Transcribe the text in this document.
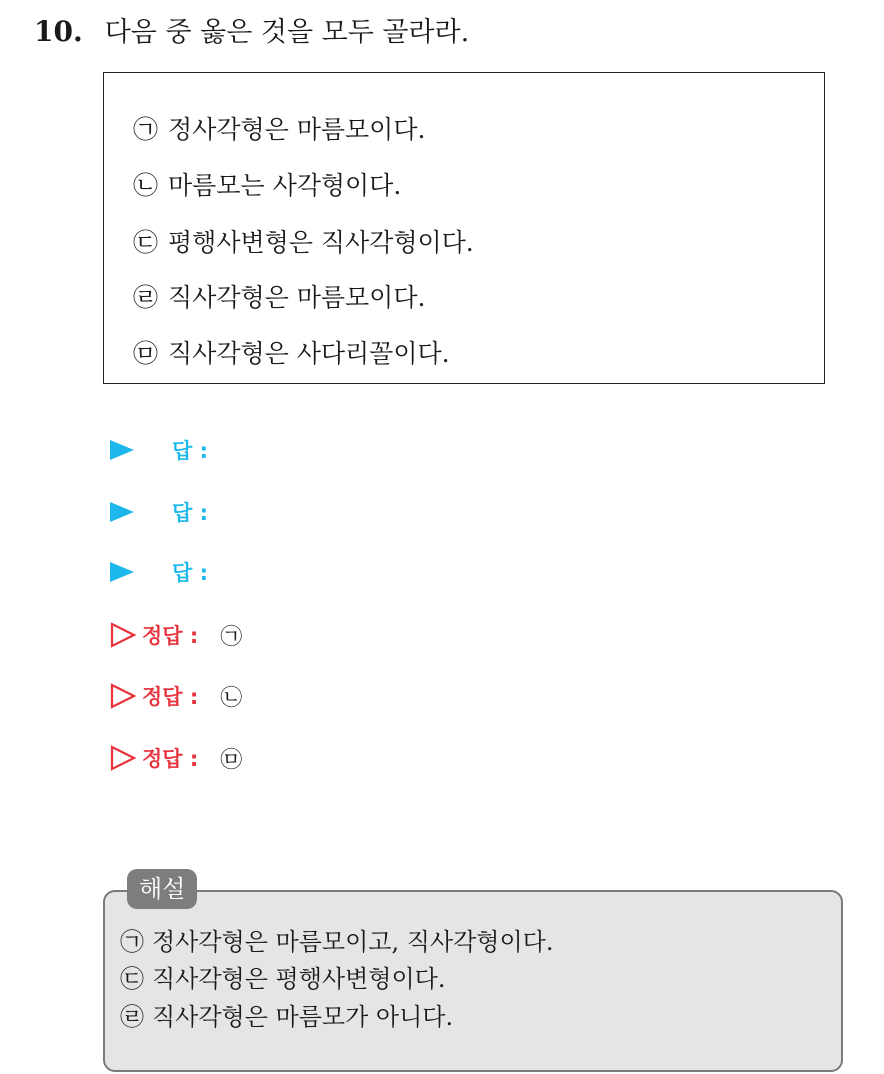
10. 다음 중 옳은 것을 모두 골라라.
㉠ 정사각형은 마름모이다.
㉡ 마름모는 사각형이다.
㉢ 평행사변형은 직사각형이다.
㉣ 직사각형은 마름모이다.
㉤ 직사각형은 사다리꼴이다.
답 :
답 :
답 :
정답 : ㉠
정답 : ㉡
정답 : ㉤
해설
㉠ 정사각형은 마름모이고, 직사각형이다.
㉢ 직사각형은 평행사변형이다.
㉣ 직사각형은 마름모가 아니다.
